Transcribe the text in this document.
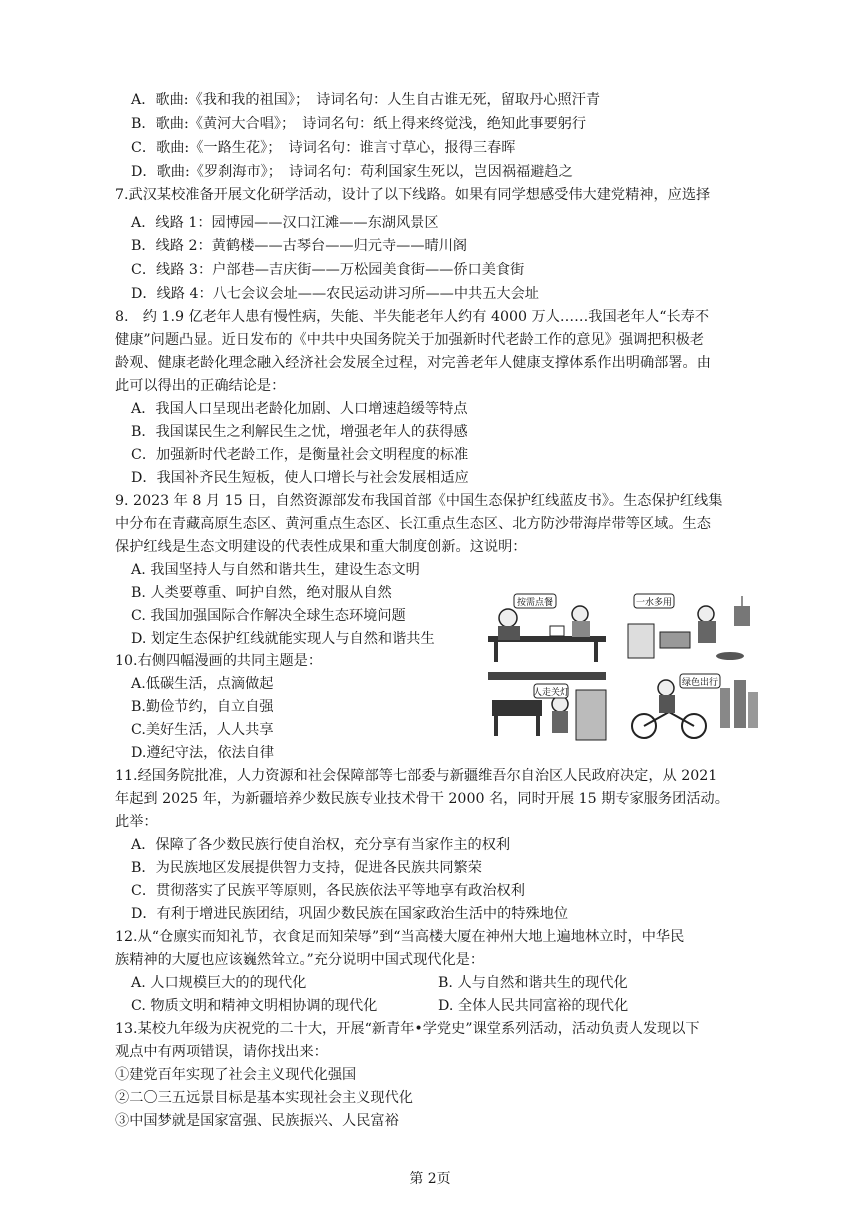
A．歌曲:《我和我的祖国》；　诗词名句：人生自古谁无死，留取丹心照汗青
B．歌曲:《黄河大合唱》；　诗词名句：纸上得来终觉浅，绝知此事要躬行
C．歌曲:《一路生花》；　诗词名句：谁言寸草心，报得三春晖
D．歌曲:《罗刹海市》；　诗词名句：苟利国家生死以，岂因祸福避趋之
7.武汉某校准备开展文化研学活动，设计了以下线路。如果有同学想感受伟大建党精神，应选择
A．线路 1：园博园——汉口江滩——东湖风景区
B．线路 2：黄鹤楼——古琴台——归元寺——晴川阁
C．线路 3：户部巷—吉庆街——万松园美食街——侨口美食街
D．线路 4：八七会议会址——农民运动讲习所——中共五大会址
8.　约 1.9 亿老年人患有慢性病，失能、半失能老年人约有 4000 万人……我国老年人“长寿不
健康”问题凸显。近日发布的《中共中央国务院关于加强新时代老龄工作的意见》强调把积极老
龄观、健康老龄化理念融入经济社会发展全过程，对完善老年人健康支撑体系作出明确部署。由
此可以得出的正确结论是：
A．我国人口呈现出老龄化加剧、人口增速趋缓等特点
B．我国谋民生之利解民生之忧，增强老年人的获得感
C．加强新时代老龄工作，是衡量社会文明程度的标准
D．我国补齐民生短板，使人口增长与社会发展相适应
9. 2023 年 8 月 15 日，自然资源部发布我国首部《中国生态保护红线蓝皮书》。生态保护红线集
中分布在青藏高原生态区、黄河重点生态区、长江重点生态区、北方防沙带海岸带等区域。生态
保护红线是生态文明建设的代表性成果和重大制度创新。这说明：
A. 我国坚持人与自然和谐共生，建设生态文明
B. 人类要尊重、呵护自然，绝对服从自然
C. 我国加强国际合作解决全球生态环境问题
D. 划定生态保护红线就能实现人与自然和谐共生
10.右侧四幅漫画的共同主题是：
A.低碳生活，点滴做起
B.勤俭节约，自立自强
C.美好生活，人人共享
D.遵纪守法，依法自律
按需点餐	一水多用
人走关灯
绿色出行
11.经国务院批准，人力资源和社会保障部等七部委与新疆维吾尔自治区人民政府决定，从 2021
年起到 2025 年，为新疆培养少数民族专业技术骨干 2000 名，同时开展 15 期专家服务团活动。
此举：
A．保障了各少数民族行使自治权，充分享有当家作主的权利
B．为民族地区发展提供智力支持，促进各民族共同繁荣
C．贯彻落实了民族平等原则，各民族依法平等地享有政治权利
D．有利于增进民族团结，巩固少数民族在国家政治生活中的特殊地位
12.从“仓廪实而知礼节，衣食足而知荣辱”到“当高楼大厦在神州大地上遍地林立时，中华民
族精神的大厦也应该巍然耸立。”充分说明中国式现代化是：
A. 人口规模巨大的的现代化	B. 人与自然和谐共生的现代化
C. 物质文明和精神文明相协调的现代化	D. 全体人民共同富裕的现代化
13.某校九年级为庆祝党的二十大，开展“新青年•学党史”课堂系列活动，活动负责人发现以下
观点中有两项错误，请你找出来：
①建党百年实现了社会主义现代化强国
②二〇三五远景目标是基本实现社会主义现代化
③中国梦就是国家富强、民族振兴、人民富裕
第 2页
